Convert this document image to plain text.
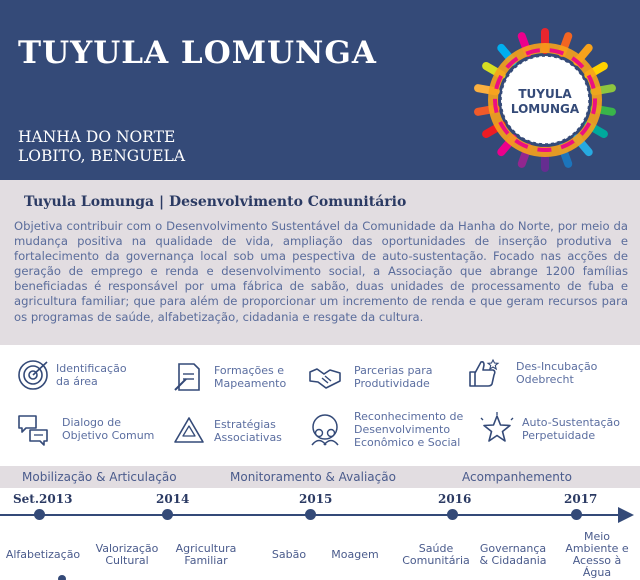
TUYULA LOMUNGA
HANHA DO NORTE
LOBITO, BENGUELA
TUYULA
LOMUNGA
Tuyula Lomunga | Desenvolvimento Comunitário
Objetiva contribuir com o Desenvolvimento Sustentável da Comunidade da Hanha do Norte, por meio da mudança positiva na qualidade de vida, ampliação das oportunidades de inserção produtiva e fortalecimento da governança local sob uma pespectiva de auto-sustentação. Focado nas acções de geração de emprego e renda e desenvolvimento social, a Associação que abrange 1200 famílias beneficiadas é responsável por uma fábrica de sabão, duas unidades de processamento de fuba e agricultura familiar; que para além de proporcionar um incremento de renda e que geram recursos para os programas de saúde, alfabetização, cidadania e resgate da cultura.
Identificação
da área
Formações e
Mapeamento
Parcerias para
Produtividade
Des-Incubação
Odebrecht
Dialogo de
Objetivo Comum
Estratégias
Associativas
Reconhecimento de
Desenvolvimento
Econômico e Social
Auto-Sustentação
Perpetuidade
Mobilização & Articulação	Monitoramento & Avaliação	Acompanhemento
Set.2013	2014	2015	2016	2017
Alfabetização	Valorização
Cultural
Agricultura
Familiar	Sabão	Moagem	Saúde
Comunitária
Governança
& Cidadania
Meio
Ambiente e
Acesso à
Água
